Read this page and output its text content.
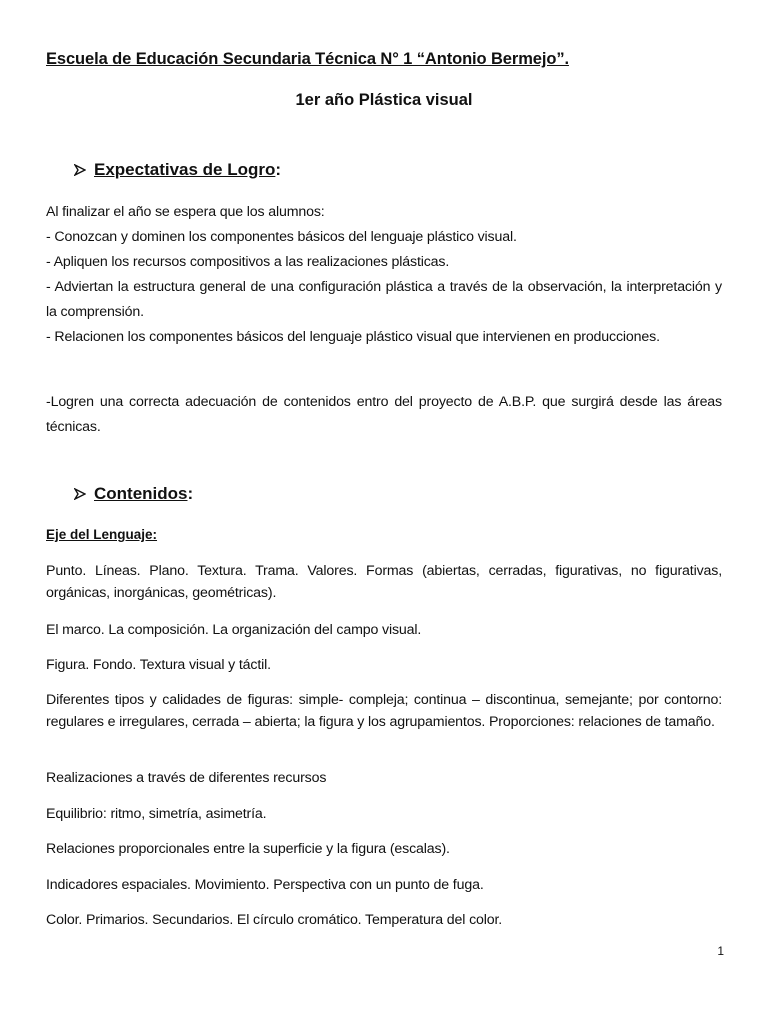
Escuela de Educación Secundaria Técnica N° 1 “Antonio Bermejo”.
1er año Plástica visual
Expectativas de Logro:
Al finalizar el año se espera que los alumnos:
- Conozcan y dominen los componentes básicos del lenguaje plástico visual.
- Apliquen los recursos compositivos a las realizaciones plásticas.
- Adviertan la estructura general de una configuración plástica a través de la observación, la interpretación y la comprensión.
- Relacionen los componentes básicos del lenguaje plástico visual que intervienen en producciones.

-Logren una correcta adecuación de contenidos entro del proyecto de A.B.P. que surgirá desde las áreas técnicas.

Contenidos:
Eje del Lenguaje:

Punto. Líneas. Plano. Textura. Trama. Valores. Formas (abiertas, cerradas, figurativas, no figurativas, orgánicas, inorgánicas, geométricas).

El marco. La composición. La organización del campo visual.

Figura. Fondo. Textura visual y táctil.

Diferentes tipos y calidades de figuras: simple- compleja; continua – discontinua, semejante; por contorno: regulares e irregulares, cerrada – abierta; la figura y los agrupamientos. Proporciones: relaciones de tamaño.

Realizaciones a través de diferentes recursos

Equilibrio: ritmo, simetría, asimetría.

Relaciones proporcionales entre la superficie y la figura (escalas).

Indicadores espaciales. Movimiento. Perspectiva con un punto de fuga.

Color. Primarios. Secundarios. El círculo cromático. Temperatura del color.

1
